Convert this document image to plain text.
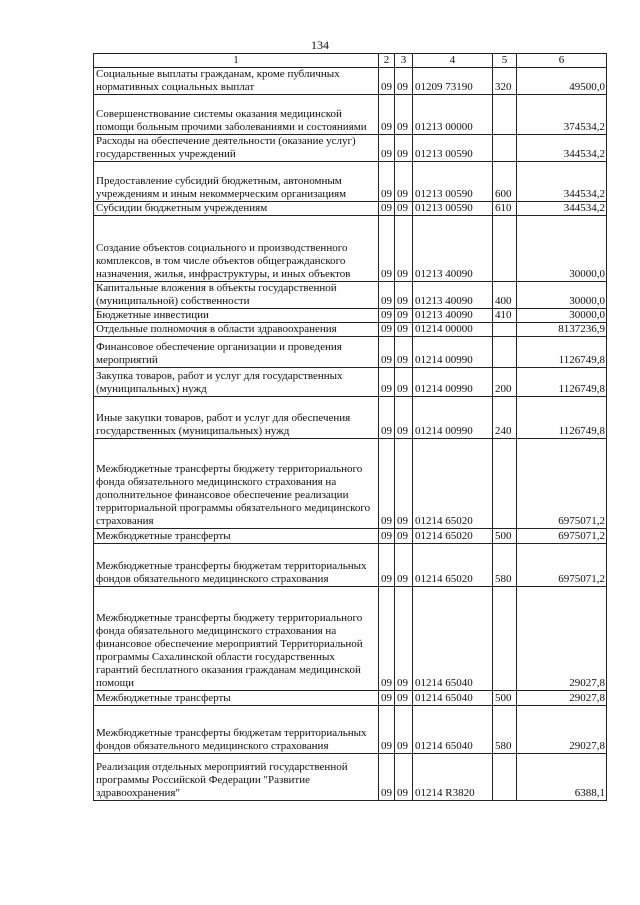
134
1	2	3	4	5	6
Социальные выплаты гражданам, кроме публичных нормативных социальных выплат	09	09	01209 73190	320	49500,0
Совершенствование системы оказания медицинской помощи больным прочими заболеваниями и состояниями	09	09	01213 00000		374534,2
Расходы на обеспечение деятельности (оказание услуг) государственных учреждений	09	09	01213 00590		344534,2
Предоставление субсидий бюджетным, автономным учреждениям и иным некоммерческим организациям	09	09	01213 00590	600	344534,2
Субсидии бюджетным учреждениям	09	09	01213 00590	610	344534,2
Создание объектов социального и производственного комплексов, в том числе объектов общегражданского назначения, жилья, инфраструктуры, и иных объектов	09	09	01213 40090		30000,0
Капитальные вложения в объекты государственной (муниципальной) собственности	09	09	01213 40090	400	30000,0
Бюджетные инвестиции	09	09	01213 40090	410	30000,0
Отдельные полномочия в области здравоохранения	09	09	01214 00000		8137236,9
Финансовое обеспечение организации и проведения мероприятий	09	09	01214 00990		1126749,8
Закупка товаров, работ и услуг для государственных (муниципальных) нужд	09	09	01214 00990	200	1126749,8
Иные закупки товаров, работ и услуг для обеспечения государственных (муниципальных) нужд	09	09	01214 00990	240	1126749,8
Межбюджетные трансферты бюджету территориального фонда обязательного медицинского страхования на дополнительное финансовое обеспечение реализации территориальной программы обязательного медицинского страхования	09	09	01214 65020		6975071,2
Межбюджетные трансферты	09	09	01214 65020	500	6975071,2
Межбюджетные трансферты бюджетам территориальных фондов обязательного медицинского страхования	09	09	01214 65020	580	6975071,2
Межбюджетные трансферты бюджету территориального фонда обязательного медицинского страхования на финансовое обеспечение мероприятий Территориальной программы Сахалинской области государственных гарантий бесплатного оказания гражданам медицинской помощи	09	09	01214 65040		29027,8
Межбюджетные трансферты	09	09	01214 65040	500	29027,8
Межбюджетные трансферты бюджетам территориальных фондов обязательного медицинского страхования	09	09	01214 65040	580	29027,8
Реализация отдельных мероприятий государственной программы Российской Федерации "Развитие здравоохранения"	09	09	01214 R3820		6388,1
